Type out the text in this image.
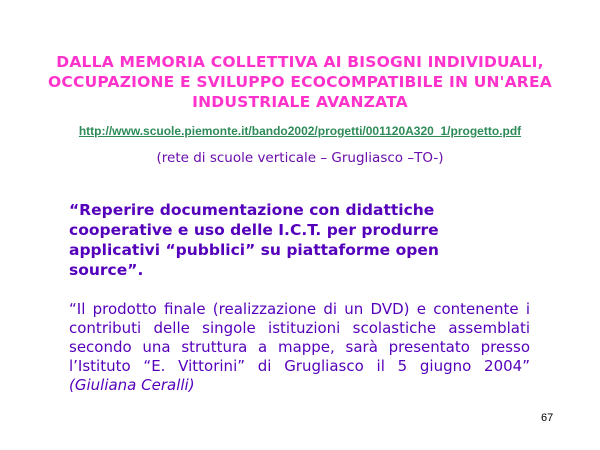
DALLA MEMORIA COLLETTIVA AI BISOGNI INDIVIDUALI,
OCCUPAZIONE E SVILUPPO ECOCOMPATIBILE IN UN'AREA
INDUSTRIALE AVANZATA
http://www.scuole.piemonte.it/bando2002/progetti/001120A320_1/progetto.pdf
(rete di scuole verticale – Grugliasco –TO-)
“Reperire documentazione con didattiche cooperative e uso delle I.C.T. per produrre applicativi “pubblici” su piattaforme open source”.
“Il prodotto finale (realizzazione di un DVD) e contenente i contributi delle singole istituzioni scolastiche assemblati secondo una struttura a mappe, sarà presentato presso l’Istituto “E. Vittorini” di Grugliasco il 5 giugno 2004” (Giuliana Ceralli)
67
